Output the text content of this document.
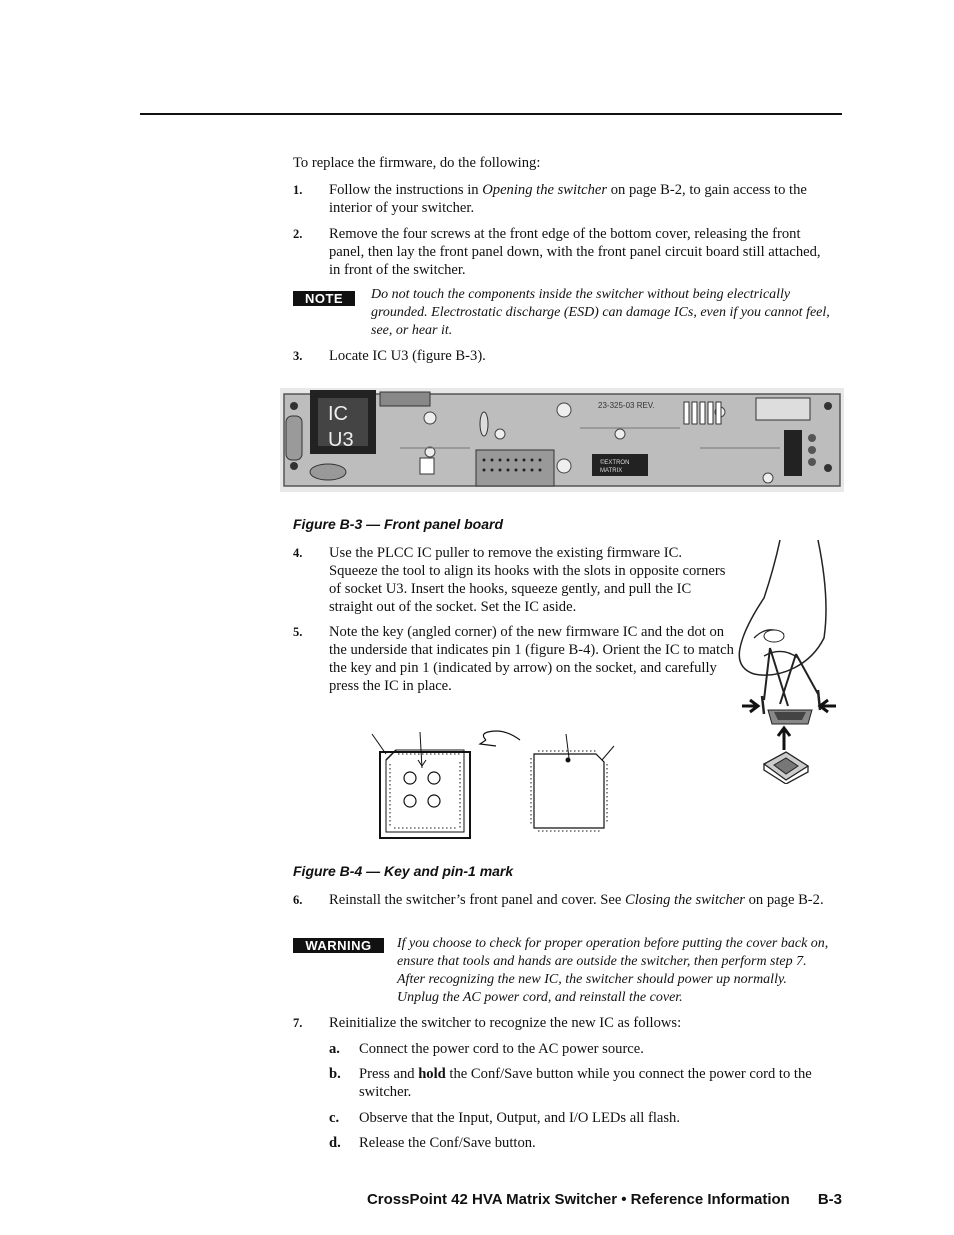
To replace the firmware, do the following:
1. Follow the instructions in Opening the switcher on page B-2, to gain access to the interior of your switcher.
2. Remove the four screws at the front edge of the bottom cover, releasing the front panel, then lay the front panel down, with the front panel circuit board still attached, in front of the switcher.
NOTE	Do not touch the components inside the switcher without being electrically grounded. Electrostatic discharge (ESD) can damage ICs, even if you cannot feel, see, or hear it.
3. Locate IC U3 (figure B-3).
IC
U3
©EXTRON
MATRIX
23-325-03 REV.
Figure B-3 — Front panel board
4. Use the PLCC IC puller to remove the existing firmware IC. Squeeze the tool to align its hooks with the slots in opposite corners of socket U3. Insert the hooks, squeeze gently, and pull the IC straight out of the socket. Set the IC aside.
5. Note the key (angled corner) of the new firmware IC and the dot on the underside that indicates pin 1 (figure B-4). Orient the IC to match the key and pin 1 (indicated by arrow) on the socket, and carefully press the IC in place.
Figure B-4 — Key and pin-1 mark
6. Reinstall the switcher’s front panel and cover. See Closing the switcher on page B-2.
WARNING	If you choose to check for proper operation before putting the cover back on, ensure that tools and hands are outside the switcher, then perform step 7. After recognizing the new IC, the switcher should power up normally. Unplug the AC power cord, and reinstall the cover.
7. Reinitialize the switcher to recognize the new IC as follows:
a. Connect the power cord to the AC power source.
b. Press and hold the Conf/Save button while you connect the power cord to the switcher.
c. Observe that the Input, Output, and I/O LEDs all flash.
d. Release the Conf/Save button.
CrossPoint 42 HVA Matrix Switcher • Reference Information B-3
